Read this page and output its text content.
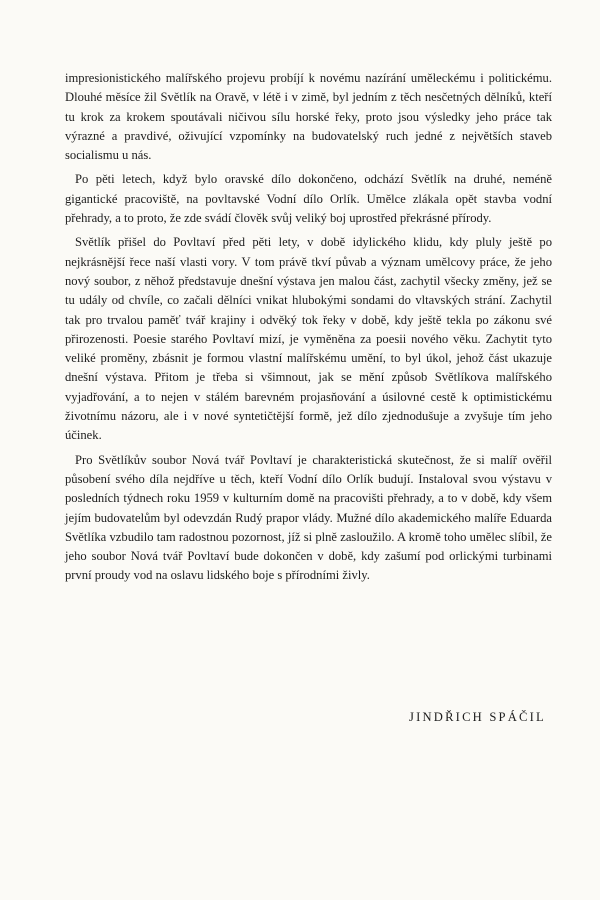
impresionistického malířského projevu probíjí k novému nazírání uměleckému i politickému. Dlouhé měsíce žil Světlík na Oravě, v létě i v zimě, byl jedním z těch nesčetných dělníků, kteří tu krok za krokem spoutávali ničivou sílu horské řeky, proto jsou výsledky jeho práce tak výrazné a pravdivé, oživující vzpomínky na budovatelský ruch jedné z největších staveb socialismu u nás.

Po pěti letech, když bylo oravské dílo dokončeno, odchází Světlík na druhé, neméně gigantické pracoviště, na povltavské Vodní dílo Orlík. Umělce zlákala opět stavba vodní přehrady, a to proto, že zde svádí člověk svůj veliký boj uprostřed překrásné přírody.

Světlík přišel do Povltaví před pěti lety, v době idylického klidu, kdy pluly ještě po nejkrásnější řece naší vlasti vory. V tom právě tkví půvab a význam umělcovy práce, že jeho nový soubor, z něhož představuje dnešní výstava jen malou část, zachytil všecky změny, jež se tu udály od chvíle, co začali dělníci vnikat hlubokými sondami do vltavských strání. Zachytil tak pro trvalou paměť tvář krajiny i odvěký tok řeky v době, kdy ještě tekla po zákonu své přirozenosti. Poesie starého Povltaví mizí, je vyměněna za poesii nového věku. Zachytit tyto veliké proměny, zbásnit je formou vlastní malířskému umění, to byl úkol, jehož část ukazuje dnešní výstava. Přitom je třeba si všimnout, jak se mění způsob Světlíkova malířského vyjadřování, a to nejen v stálém barevném projasňování a úsilovné cestě k optimistickému životnímu názoru, ale i v nové syntetičtější formě, jež dílo zjednodušuje a zvyšuje tím jeho účinek.

Pro Světlíkův soubor Nová tvář Povltaví je charakteristická skutečnost, že si malíř ověřil působení svého díla nejdříve u těch, kteří Vodní dílo Orlík budují. Instaloval svou výstavu v posledních týdnech roku 1959 v kulturním domě na pracovišti přehrady, a to v době, kdy všem jejím budovatelům byl odevzdán Rudý prapor vlády. Mužné dílo akademického malíře Eduarda Světlíka vzbudilo tam radostnou pozornost, jíž si plně zasloužilo. A kromě toho umělec slíbil, že jeho soubor Nová tvář Povltaví bude dokončen v době, kdy zašumí pod orlickými turbinami první proudy vod na oslavu lidského boje s přírodními živly.

JINDŘICH SPÁČIL
